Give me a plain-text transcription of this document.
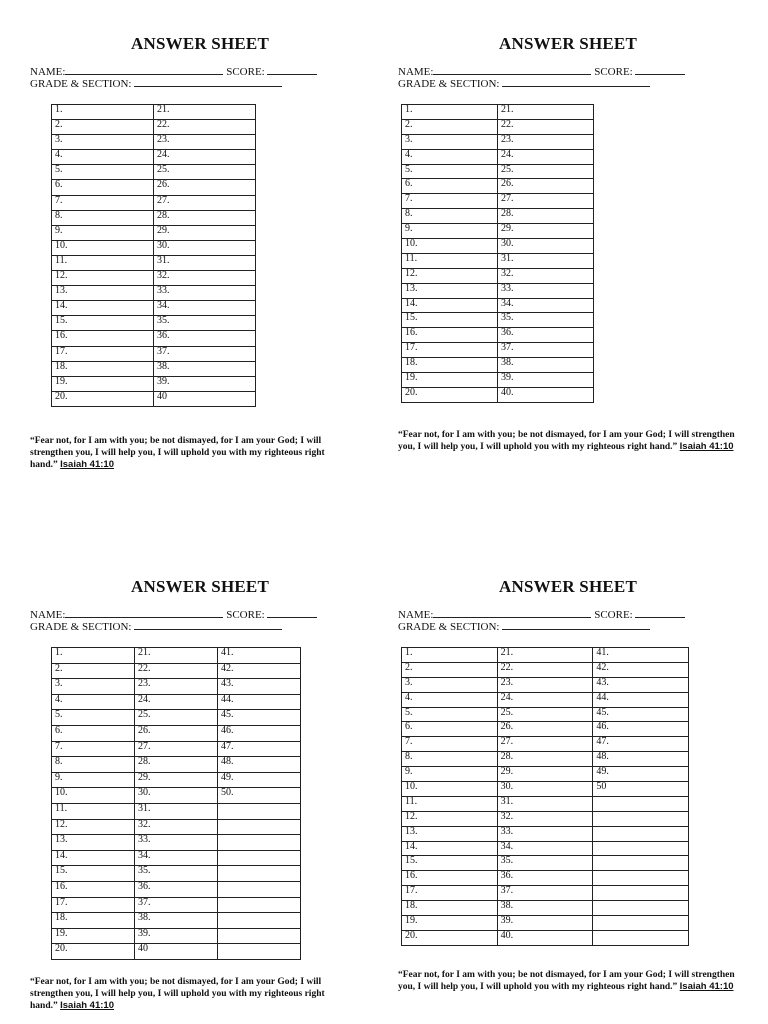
ANSWER SHEET
NAME:	SCORE:
GRADE & SECTION:
1.	21.
2.	22.
3.	23.
4.	24.
5.	25.
6.	26.
7.	27.
8.	28.
9.	29.
10.	30.
11.	31.
12.	32.
13.	33.
14.	34.
15.	35.
16.	36.
17.	37.
18.	38.
19.	39.
20.	40
“Fear not, for I am with you; be not dismayed, for I am your God; I will strengthen you, I will help you, I will uphold you with my righteous right hand.” Isaiah 41:10
ANSWER SHEET
NAME:	SCORE:
GRADE & SECTION:
1.	21.
2.	22.
3.	23.
4.	24.
5.	25.
6.	26.
7.	27.
8.	28.
9.	29.
10.	30.
11.	31.
12.	32.
13.	33.
14.	34.
15.	35.
16.	36.
17.	37.
18.	38.
19.	39.
20.	40.
“Fear not, for I am with you; be not dismayed, for I am your God; I will strengthen you, I will help you, I will uphold you with my righteous right hand.” Isaiah 41:10
ANSWER SHEET
NAME:	SCORE:
GRADE & SECTION:
1.	21.	41.
2.	22.	42.
3.	23.	43.
4.	24.	44.
5.	25.	45.
6.	26.	46.
7.	27.	47.
8.	28.	48.
9.	29.	49.
10.	30.	50.
11.	31.	
12.	32.	
13.	33.	
14.	34.	
15.	35.	
16.	36.	
17.	37.	
18.	38.	
19.	39.	
20.	40	
“Fear not, for I am with you; be not dismayed, for I am your God; I will strengthen you, I will help you, I will uphold you with my righteous right hand.” Isaiah 41:10
ANSWER SHEET
NAME:	SCORE:
GRADE & SECTION:
1.	21.	41.
2.	22.	42.
3.	23.	43.
4.	24.	44.
5.	25.	45.
6.	26.	46.
7.	27.	47.
8.	28.	48.
9.	29.	49.
10.	30.	50
11.	31.	
12.	32.	
13.	33.	
14.	34.	
15.	35.	
16.	36.	
17.	37.	
18.	38.	
19.	39.	
20.	40.	
“Fear not, for I am with you; be not dismayed, for I am your God; I will strengthen you, I will help you, I will uphold you with my righteous right hand.” Isaiah 41:10
